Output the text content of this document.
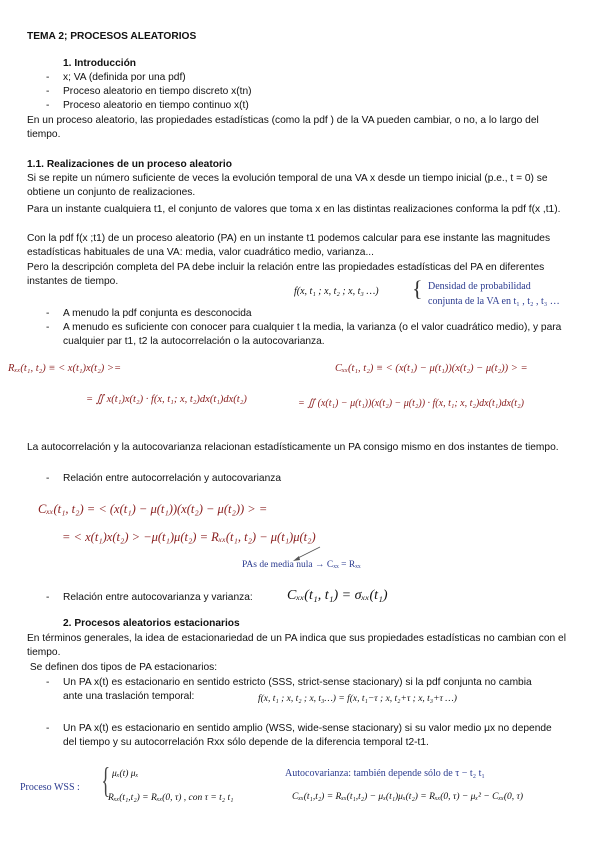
TEMA 2; PROCESOS ALEATORIOS
1. Introducción
- x; VA (definida por una pdf)
- Proceso aleatorio en tiempo discreto x(tn)
- Proceso aleatorio en tiempo continuo x(t)
En un proceso aleatorio, las propiedades estadísticas (como la pdf ) de la VA pueden cambiar, o no, a lo largo del tiempo.
1.1. Realizaciones de un proceso aleatorio
Si se repite un número suficiente de veces la evolución temporal de una VA x desde un tiempo inicial (p.e., t = 0) se obtiene un conjunto de realizaciones.
Para un instante cualquiera t1, el conjunto de valores que toma x en las distintas realizaciones conforma la pdf f(x ,t1).
Con la pdf f(x ;t1) de un proceso aleatorio (PA) en un instante t1 podemos calcular para ese instante las magnitudes estadísticas habituales de una VA: media, valor cuadrático medio, varianza...
Pero la descripción completa del PA debe incluir la relación entre las propiedades estadísticas del PA en diferentes instantes de tiempo.
f(x, t₁ ; x, t₂ ; x, t₃ …) { Densidad de probabilidad
conjunta de la VA en t₁ , t₂ , t₃ …
- A menudo la pdf conjunta es desconocida
- A menudo es suficiente con conocer para cualquier t la media, la varianza (o el valor cuadrático medio), y para cualquier par t1, t2 la autocorrelación o la autocovarianza.
Rₓₓ(t₁, t₂) ≡ < x(t₁)x(t₂) >=
= ∬ x(t₁)x(t₂) · f(x, t₁; x, t₂)dx(t₁)dx(t₂)
Cₓₓ(t₁, t₂) ≡ < (x(t₁) − μ(t₁))(x(t₂) − μ(t₂)) > =
= ∬ (x(t₁) − μ(t₁))(x(t₂) − μ(t₂)) · f(x, t₁; x, t₂)dx(t₁)dx(t₂)
La autocorrelación y la autocovarianza relacionan estadísticamente un PA consigo mismo en dos instantes de tiempo.
- Relación entre autocorrelación y autocovarianza
Cₓₓ(t₁, t₂) = < (x(t₁) − μ(t₁))(x(t₂) − μ(t₂)) > =
= < x(t₁)x(t₂) > −μ(t₁)μ(t₂) = Rₓₓ(t₁, t₂) − μ(t₁)μ(t₂)
PAs de media nula → Cₓₓ = Rₓₓ
- Relación entre autocovarianza y varianza: Cₓₓ(t₁, t₁) = σₓₓ(t₁)
2. Procesos aleatorios estacionarios
En términos generales, la idea de estacionariedad de un PA indica que sus propiedades estadísticas no cambian con el tiempo.
Se definen dos tipos de PA estacionarios:
- Un PA x(t) es estacionario en sentido estricto (SSS, strict-sense stacionary) si la pdf conjunta no cambia ante una traslación temporal:	f(x, t₁ ; x, t₂ ; x, t₃…) = f(x, t₁−τ ; x, t₂+τ ; x, t₃+τ …)
- Un PA x(t) es estacionario en sentido amplio (WSS, wide-sense stacionary) si su valor medio μx no depende del tiempo y su autocorrelación Rxx sólo depende de la diferencia temporal t2-t1.
Proceso WSS : { μₓ(t) μₓ
Rₓₓ(t₁,t₂) = Rₓₓ(0, τ) , con τ = t₂ t₁
Autocovarianza: también depende sólo de τ − t₂ t₁
Cₓₓ(t₁,t₂) = Rₓₓ(t₁,t₂) − μₓ(t₁)μₓ(t₂) = Rₓₓ(0, τ) − μₓ² − Cₓₓ(0, τ)
